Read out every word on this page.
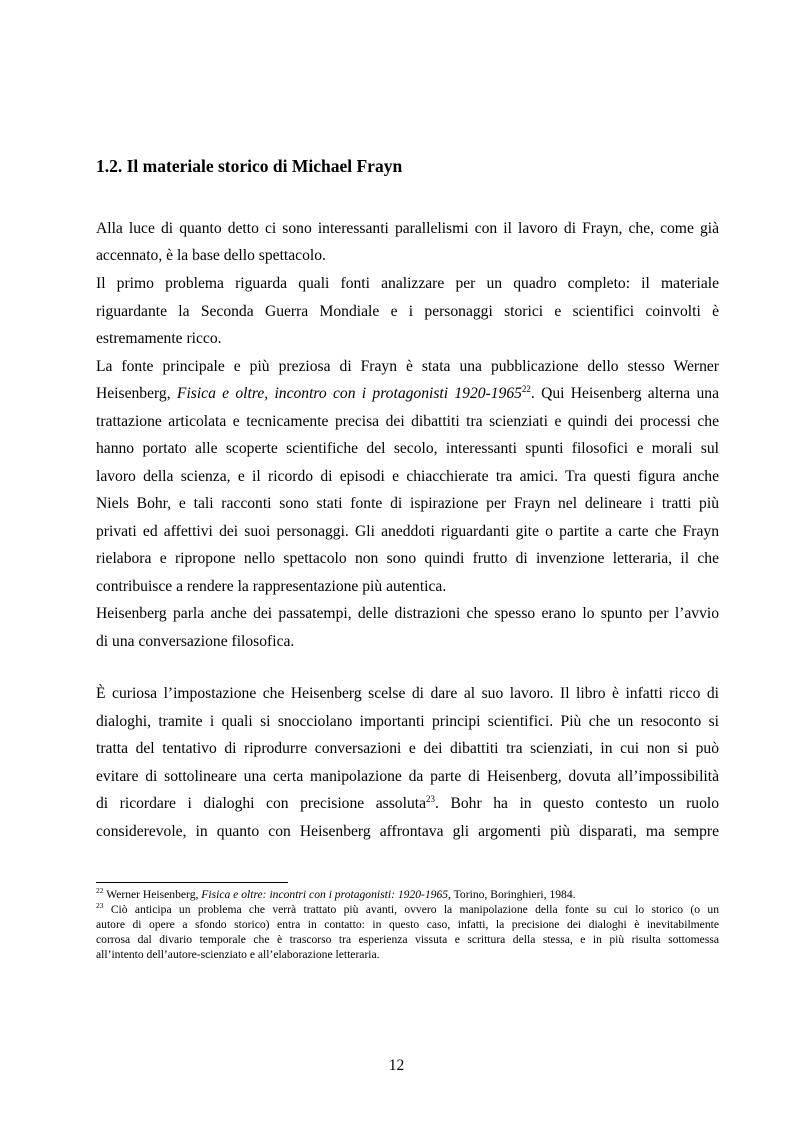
1.2. Il materiale storico di Michael Frayn
Alla luce di quanto detto ci sono interessanti parallelismi con il lavoro di Frayn, che, come già
accennato, è la base dello spettacolo.
Il primo problema riguarda quali fonti analizzare per un quadro completo: il materiale
riguardante la Seconda Guerra Mondiale e i personaggi storici e scientifici coinvolti è
estremamente ricco.
La fonte principale e più preziosa di Frayn è stata una pubblicazione dello stesso Werner
Heisenberg, Fisica e oltre, incontro con i protagonisti 1920-1965$^{22}$. Qui Heisenberg alterna una
trattazione articolata e tecnicamente precisa dei dibattiti tra scienziati e quindi dei processi che
hanno portato alle scoperte scientifiche del secolo, interessanti spunti filosofici e morali sul
lavoro della scienza, e il ricordo di episodi e chiacchierate tra amici. Tra questi figura anche
Niels Bohr, e tali racconti sono stati fonte di ispirazione per Frayn nel delineare i tratti più
privati ed affettivi dei suoi personaggi. Gli aneddoti riguardanti gite o partite a carte che Frayn
rielabora e ripropone nello spettacolo non sono quindi frutto di invenzione letteraria, il che
contribuisce a rendere la rappresentazione più autentica.
Heisenberg parla anche dei passatempi, delle distrazioni che spesso erano lo spunto per l’avvio
di una conversazione filosofica.
È curiosa l’impostazione che Heisenberg scelse di dare al suo lavoro. Il libro è infatti ricco di
dialoghi, tramite i quali si snocciolano importanti principi scientifici. Più che un resoconto si
tratta del tentativo di riprodurre conversazioni e dei dibattiti tra scienziati, in cui non si può
evitare di sottolineare una certa manipolazione da parte di Heisenberg, dovuta all’impossibilità
di ricordare i dialoghi con precisione assoluta$^{23}$. Bohr ha in questo contesto un ruolo
considerevole, in quanto con Heisenberg affrontava gli argomenti più disparati, ma sempre
$^{22}$ Werner Heisenberg, Fisica e oltre: incontri con i protagonisti: 1920-1965, Torino, Boringhieri, 1984.
$^{23}$ Ciò anticipa un problema che verrà trattato più avanti, ovvero la manipolazione della fonte su cui lo storico (o un
autore di opere a sfondo storico) entra in contatto: in questo caso, infatti, la precisione dei dialoghi è inevitabilmente
corrosa dal divario temporale che è trascorso tra esperienza vissuta e scrittura della stessa, e in più risulta sottomessa
all’intento dell’autore-scienziato e all’elaborazione letteraria.
12
